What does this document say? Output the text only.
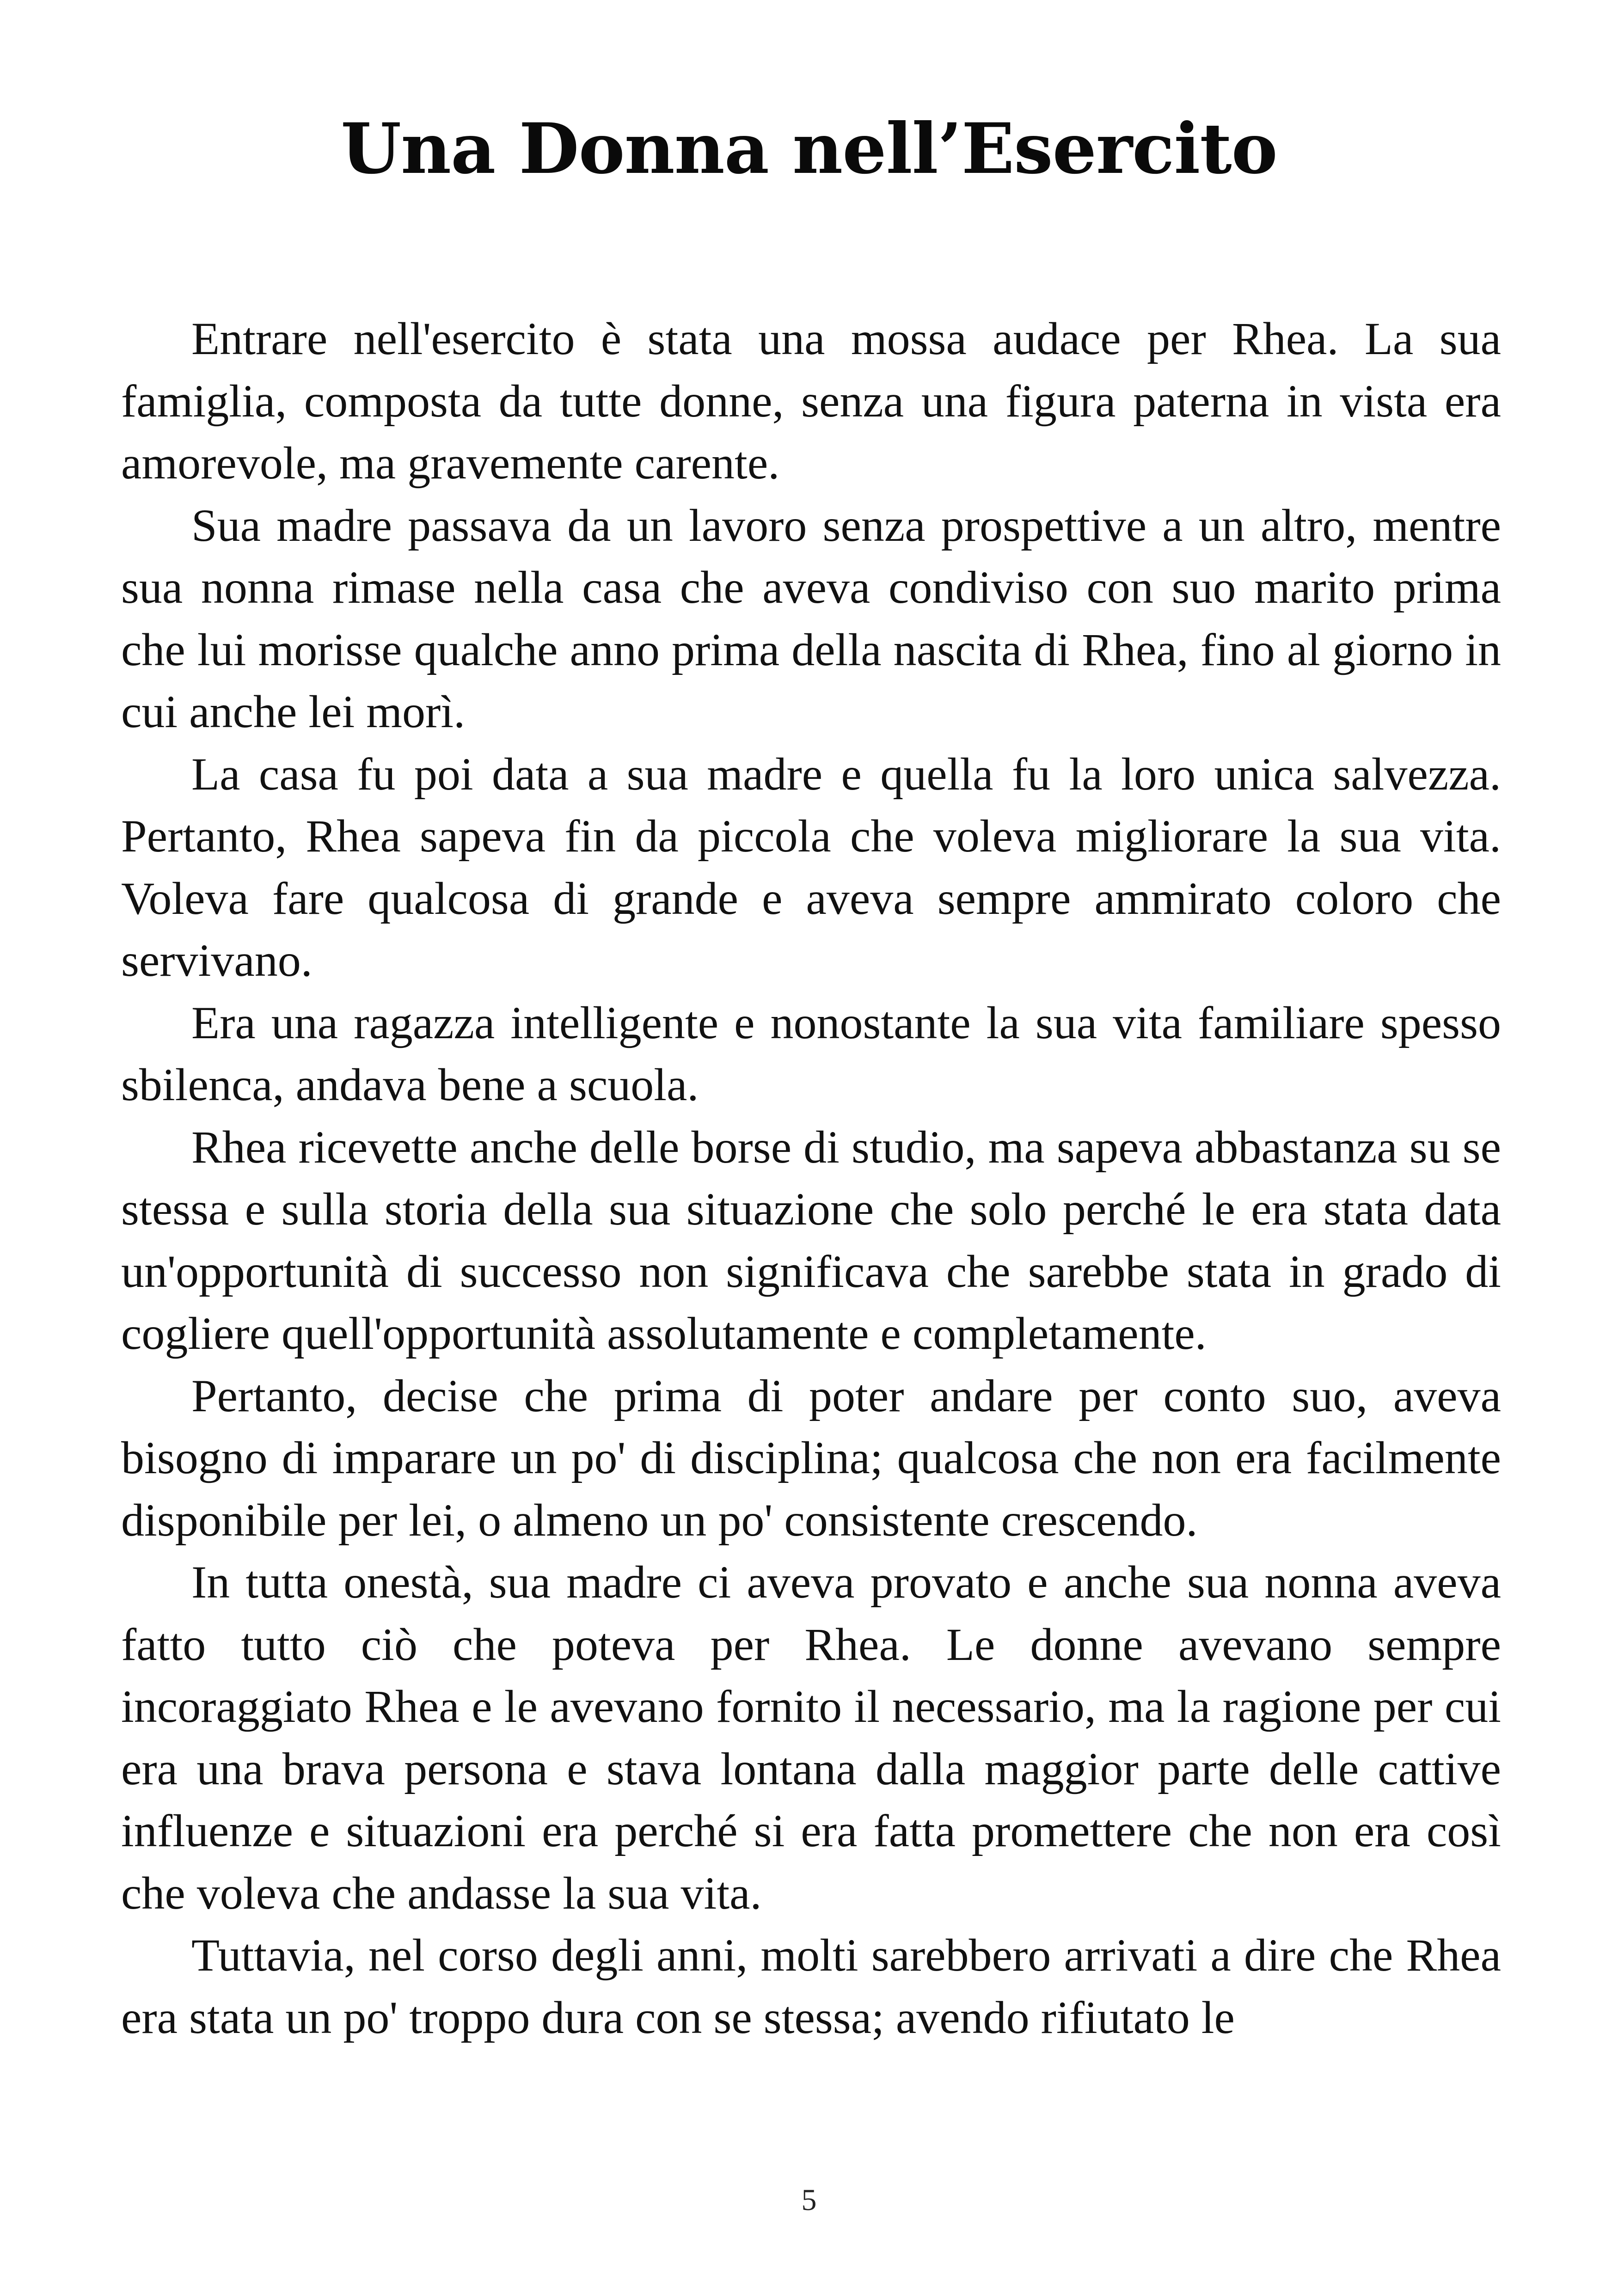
Una Donna nell’Esercito

Entrare nell'esercito è stata una mossa audace per Rhea. La sua famiglia, composta da tutte donne, senza una figura paterna in vista era amorevole, ma gravemente carente.

Sua madre passava da un lavoro senza prospettive a un altro, mentre sua nonna rimase nella casa che aveva condiviso con suo marito prima che lui morisse qualche anno prima della nascita di Rhea, fino al giorno in cui anche lei morì.

La casa fu poi data a sua madre e quella fu la loro unica salvezza. Pertanto, Rhea sapeva fin da piccola che voleva migliorare la sua vita. Voleva fare qualcosa di grande e aveva sempre ammirato coloro che servivano.

Era una ragazza intelligente e nonostante la sua vita familiare spesso sbilenca, andava bene a scuola.

Rhea ricevette anche delle borse di studio, ma sapeva abbastanza su se stessa e sulla storia della sua situazione che solo perché le era stata data un'opportunità di successo non significava che sarebbe stata in grado di cogliere quell'opportunità assolutamente e completamente.

Pertanto, decise che prima di poter andare per conto suo, aveva bisogno di imparare un po' di disciplina; qualcosa che non era facilmente disponibile per lei, o almeno un po' consistente crescendo.

In tutta onestà, sua madre ci aveva provato e anche sua nonna aveva fatto tutto ciò che poteva per Rhea. Le donne avevano sempre incoraggiato Rhea e le avevano fornito il necessario, ma la ragione per cui era una brava persona e stava lontana dalla maggior parte delle cattive influenze e situazioni era perché si era fatta promettere che non era così che voleva che andasse la sua vita.

Tuttavia, nel corso degli anni, molti sarebbero arrivati a dire che Rhea era stata un po' troppo dura con se stessa; avendo rifiutato le

5
